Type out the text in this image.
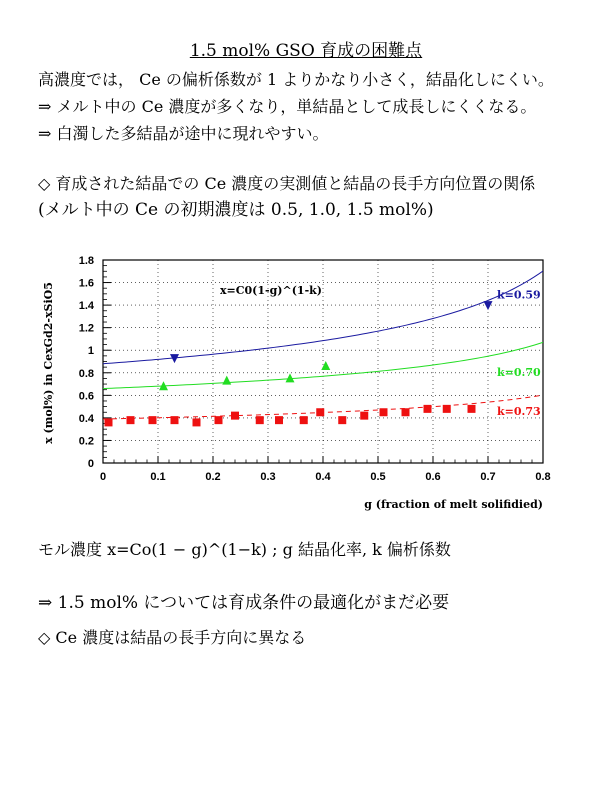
1.5 mol% GSO 育成の困難点
高濃度では， Ce の偏析係数が 1 よりかなり小さく，結晶化しにくい。
⇒ メルト中の Ce 濃度が多くなり，単結晶として成長しにくくなる。
⇒ 白濁した多結晶が途中に現れやすい。
◇ 育成された結晶での Ce 濃度の実測値と結晶の長手方向位置の関係
(メルト中の Ce の初期濃度は 0.5, 1.0, 1.5 mol%)
0	0.1	0.2	0.3	0.4	0.5	0.6	0.7	0.8
0
0.2
0.4
0.6
0.8
1
1.2
1.4
1.6
1.8
k=0.59
k=0.70
k=0.73
x=C0(1-g)^(1-k)
g (fraction of melt solifidied)
x (mol%) in CexGd2-xSiO5
モル濃度 x=Co(1 − g)^(1−k) ; g 結晶化率, k 偏析係数
⇒ 1.5 mol% については育成条件の最適化がまだ必要
◇ Ce 濃度は結晶の長手方向に異なる
